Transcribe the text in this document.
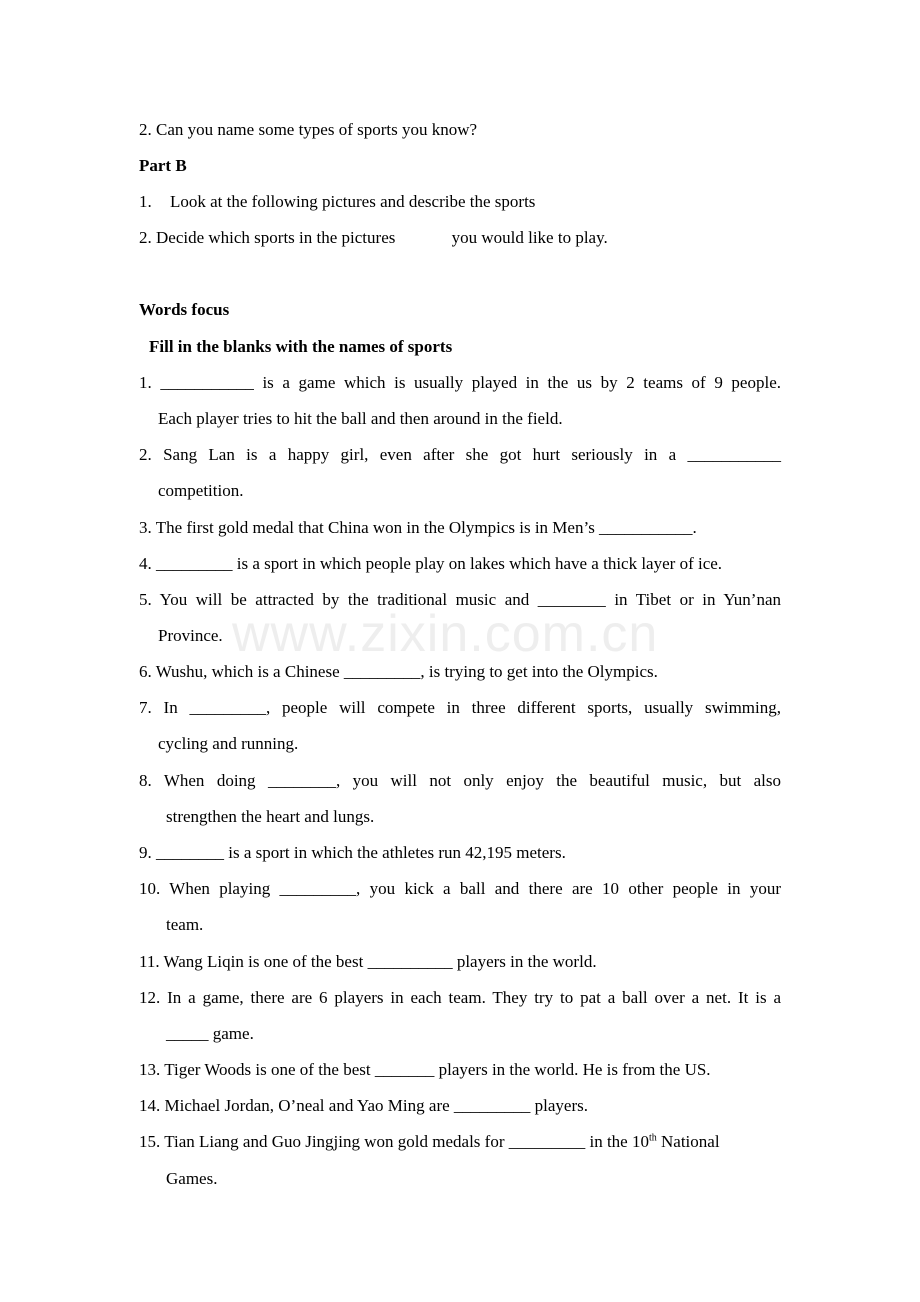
2. Can you name some types of sports you know?
Part B
1. Look at the following pictures and describe the sports
2. Decide which sports in the pictures	you would like to play.
Words focus
Fill in the blanks with the names of sports
1. ___________ is a game which is usually played in the us by 2 teams of 9 people.
Each player tries to hit the ball and then around in the field.
2. Sang Lan is a happy girl, even after she got hurt seriously in a ___________
competition.
3. The first gold medal that China won in the Olympics is in Men’s ___________.
4. _________ is a sport in which people play on lakes which have a thick layer of ice.
5. You will be attracted by the traditional music and ________ in Tibet or in Yun’nan
Province.
6. Wushu, which is a Chinese _________, is trying to get into the Olympics.
7. In _________, people will compete in three different sports, usually swimming,
cycling and running.
8. When doing ________, you will not only enjoy the beautiful music, but also
strengthen the heart and lungs.
9. ________ is a sport in which the athletes run 42,195 meters.
10. When playing _________, you kick a ball and there are 10 other people in your
team.
11. Wang Liqin is one of the best __________ players in the world.
12. In a game, there are 6 players in each team. They try to pat a ball over a net. It is a
_____ game.
13. Tiger Woods is one of the best _______ players in the world. He is from the US.
14. Michael Jordan, O’neal and Yao Ming are _________ players.
15. Tian Liang and Guo Jingjing won gold medals for _________ in the 10th National
Games.
www.zixin.com.cn
